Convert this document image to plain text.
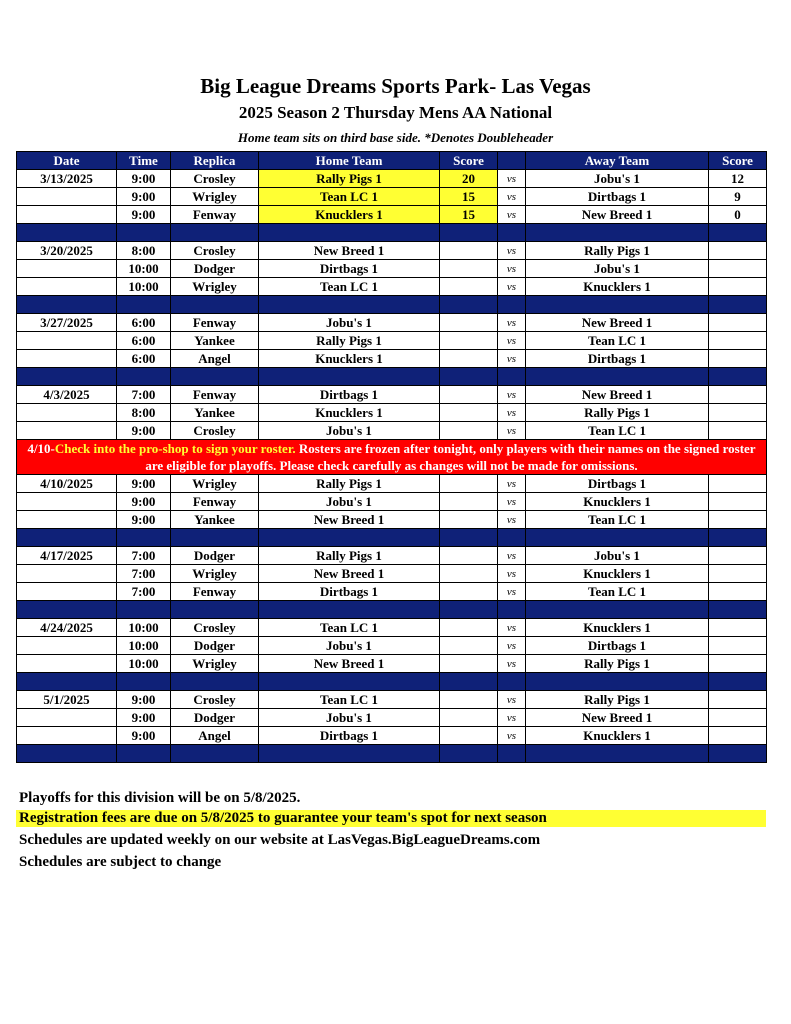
Big League Dreams Sports Park- Las Vegas
2025 Season 2 Thursday Mens AA National
Home team sits on third base side. *Denotes Doubleheader
Date	Time	Replica	Home Team	Score		Away Team	Score
3/13/2025	9:00	Crosley	Rally Pigs 1	20	vs	Jobu's 1	12
	9:00	Wrigley	Tean LC 1	15	vs	Dirtbags 1	9
	9:00	Fenway	Knucklers 1	15	vs	New Breed 1	0

3/20/2025	8:00	Crosley	New Breed 1		vs	Rally Pigs 1	
	10:00	Dodger	Dirtbags 1		vs	Jobu's 1	
	10:00	Wrigley	Tean LC 1		vs	Knucklers 1	

3/27/2025	6:00	Fenway	Jobu's 1		vs	New Breed 1	
	6:00	Yankee	Rally Pigs 1		vs	Tean LC 1	
	6:00	Angel	Knucklers 1		vs	Dirtbags 1	

4/3/2025	7:00	Fenway	Dirtbags 1		vs	New Breed 1	
	8:00	Yankee	Knucklers 1		vs	Rally Pigs 1	
	9:00	Crosley	Jobu's 1		vs	Tean LC 1	
4/10-Check into the pro-shop to sign your roster. Rosters are frozen after tonight, only players with their names on the signed roster are eligible for playoffs. Please check carefully as changes will not be made for omissions.							
4/10/2025	9:00	Wrigley	Rally Pigs 1		vs	Dirtbags 1	
	9:00	Fenway	Jobu's 1		vs	Knucklers 1	
	9:00	Yankee	New Breed 1		vs	Tean LC 1	

4/17/2025	7:00	Dodger	Rally Pigs 1		vs	Jobu's 1	
	7:00	Wrigley	New Breed 1		vs	Knucklers 1	
	7:00	Fenway	Dirtbags 1		vs	Tean LC 1	

4/24/2025	10:00	Crosley	Tean LC 1		vs	Knucklers 1	
	10:00	Dodger	Jobu's 1		vs	Dirtbags 1	
	10:00	Wrigley	New Breed 1		vs	Rally Pigs 1	

5/1/2025	9:00	Crosley	Tean LC 1		vs	Rally Pigs 1	
	9:00	Dodger	Jobu's 1		vs	New Breed 1	
	9:00	Angel	Dirtbags 1		vs	Knucklers 1	

Playoffs for this division will be on 5/8/2025.
Registration fees are due on 5/8/2025 to guarantee your team's spot for next season
Schedules are updated weekly on our website at LasVegas.BigLeagueDreams.com
Schedules are subject to change
